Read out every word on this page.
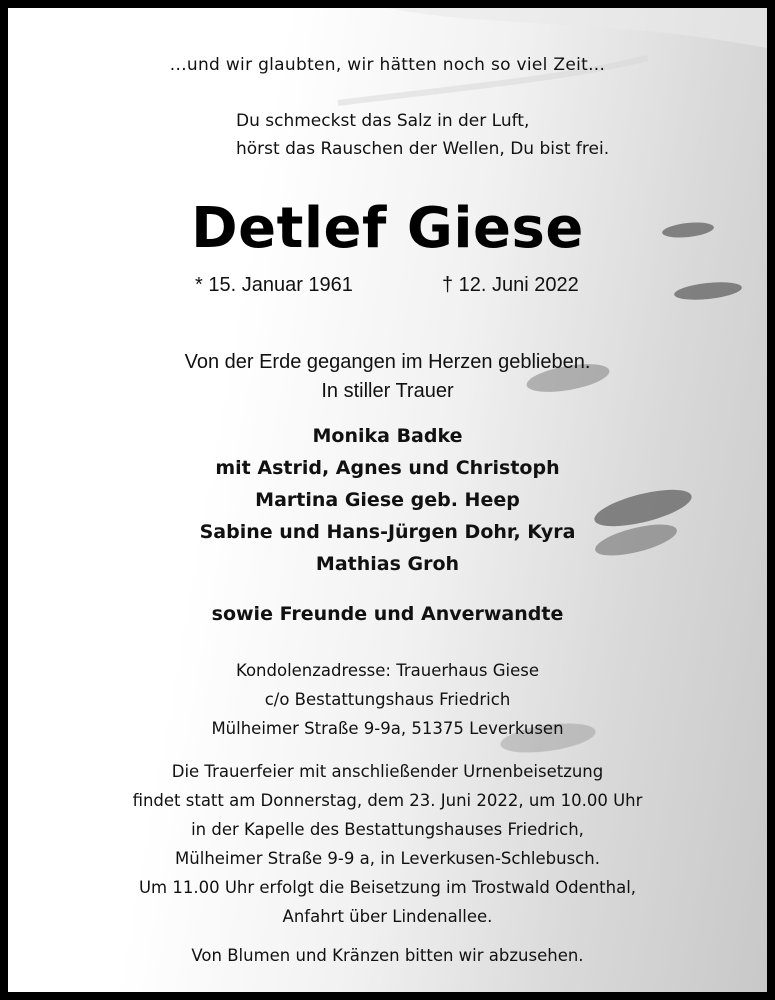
...und wir glaubten, wir hätten noch so viel Zeit...
Du schmeckst das Salz in der Luft,
hörst das Rauschen der Wellen, Du bist frei.
Detlef Giese
* 15. Januar 1961	† 12. Juni 2022
Von der Erde gegangen im Herzen geblieben.
In stiller Trauer
Monika Badke
mit Astrid, Agnes und Christoph
Martina Giese geb. Heep
Sabine und Hans-Jürgen Dohr, Kyra
Mathias Groh
sowie Freunde und Anverwandte
Kondolenzadresse: Trauerhaus Giese
c/o Bestattungshaus Friedrich
Mülheimer Straße 9-9a, 51375 Leverkusen
Die Trauerfeier mit anschließender Urnenbeisetzung
findet statt am Donnerstag, dem 23. Juni 2022, um 10.00 Uhr
in der Kapelle des Bestattungshauses Friedrich,
Mülheimer Straße 9-9 a, in Leverkusen-Schlebusch.
Um 11.00 Uhr erfolgt die Beisetzung im Trostwald Odenthal,
Anfahrt über Lindenallee.
Von Blumen und Kränzen bitten wir abzusehen.
